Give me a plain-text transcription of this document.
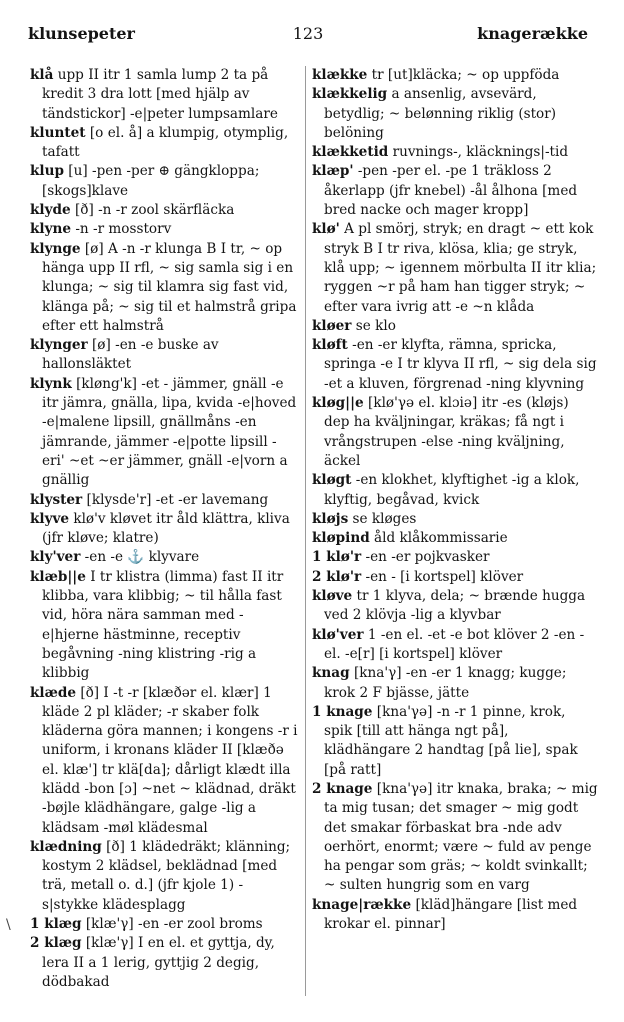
klunsepeter	123	knagerække

klå upp II itr 1 samla lump 2 ta på kredit 3 dra lott [med hjälp av tändstickor] -e|peter lumpsamlare

kluntet [o el. å] a klumpig, otymplig, tafatt

klup [u] -pen -per ⊕ gängkloppa; [skogs]klave

klyde [ð] -n -r zool skärfläcka

klyne -n -r mosstorv

klynge [ø] A -n -r klunga B I tr, ~ op hänga upp II rfl, ~ sig samla sig i en klunga; ~ sig til klamra sig fast vid, klänga på; ~ sig til et halmstrå gripa efter ett halmstrå

klynger [ø] -en -e buske av hallonsläktet

klynk [kløng'k] -et - jämmer, gnäll -e itr jämra, gnälla, lipa, kvida -e|hoved -e|malene lipsill, gnällmåns -en jämrande, jämmer -e|potte lipsill -eri' ~et ~er jämmer, gnäll -e|vorn a gnällig

klyster [klysde'r] -et -er lavemang

klyve klø'v kløvet itr åld klättra, kliva (jfr kløve; klatre)

kly'ver -en -e ⚓ klyvare

klæb||e I tr klistra (limma) fast II itr klibba, vara klibbig; ~ til hålla fast vid, höra nära samman med -e|hjerne hästminne, receptiv begåvning -ning klistring -rig a klibbig

klæde [ð] I -t -r [klæðər el. klær] 1 kläde 2 pl kläder; -r skaber folk kläderna göra mannen; i kongens -r i uniform, i kronans kläder II [klæðə el. klæ'] tr klä[da]; dårligt klædt illa klädd -bon [ɔ] ~net ~ klädnad, dräkt -bøjle klädhängare, galge -lig a klädsam -møl klädesmal

klædning [ð] 1 klädedräkt; klänning; kostym 2 klädsel, beklädnad [med trä, metall o. d.] (jfr kjole 1) -s|stykke klädesplagg

1 klæg [klæ'γ] -en -er zool broms

2 klæg [klæ'γ] I en el. et gyttja, dy, lera II a 1 lerig, gyttjig 2 degig, dödbakad

klække tr [ut]kläcka; ~ op uppföda

klækkelig a ansenlig, avsevärd, betydlig; ~ belønning riklig (stor) belöning

klækketid ruvnings-, kläcknings|-tid

klæp' -pen -per el. -pe 1 träkloss 2 åkerlapp (jfr knebel) -ål ålhona [med bred nacke och mager kropp]

klø' A pl smörj, stryk; en dragt ~ ett kok stryk B I tr riva, klösa, klia; ge stryk, klå upp; ~ igennem mörbulta II itr klia; ryggen ~r på ham han tigger stryk; ~ efter vara ivrig att -e ~n klåda

kløer se klo

kløft -en -er klyfta, rämna, spricka, springa -e I tr klyva II rfl, ~ sig dela sig -et a kluven, förgrenad -ning klyvning

kløg||e [klø'γə el. klɔiə] itr -es (kløjs) dep ha kväljningar, kräkas; få ngt i vrångstrupen -else -ning kväljning, äckel

kløgt -en klokhet, klyftighet -ig a klok, klyftig, begåvad, kvick

kløjs se kløges

kløpind åld klåkommissarie

1 klø'r -en -er pojkvasker

2 klø'r -en - [i kortspel] klöver

kløve tr 1 klyva, dela; ~ brænde hugga ved 2 klövja -lig a klyvbar

klø'ver 1 -en el. -et -e bot klöver 2 -en - el. -e[r] [i kortspel] klöver

knag [kna'γ] -en -er 1 knagg; kugge; krok 2 F bjässe, jätte

1 knage [kna'γə] -n -r 1 pinne, krok, spik [till att hänga ngt på], klädhängare 2 handtag [på lie], spak [på ratt]

2 knage [kna'γə] itr knaka, braka; ~ mig ta mig tusan; det smager ~ mig godt det smakar förbaskat bra -nde adv oerhört, enormt; være ~ fuld av penge ha pengar som gräs; ~ koldt svinkallt; ~ sulten hungrig som en varg

knage|række [kläd]hängare [list med krokar el. pinnar]

\
